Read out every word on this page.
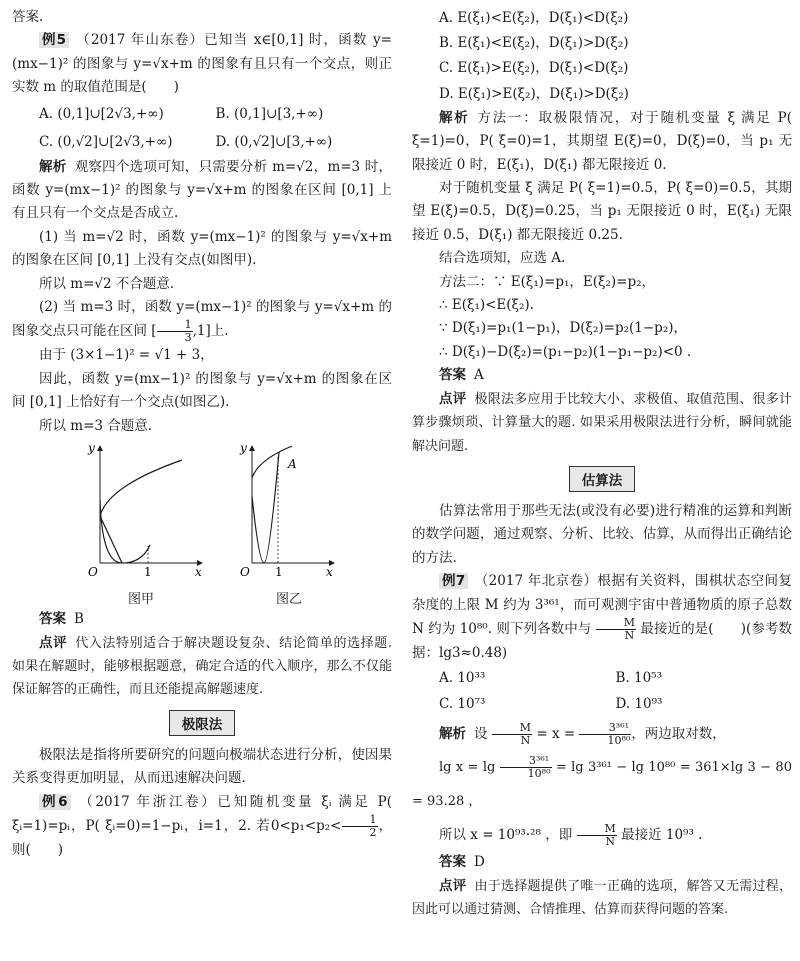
答案.

例5 （2017 年山东卷）已知当 x∈[0,1] 时，函数 y=(mx−1)² 的图象与 y=√x+m 的图象有且只有一个交点，则正实数 m 的取值范围是(　　)

A. (0,1]∪[2√3,+∞)	B. (0,1]∪[3,+∞)
C. (0,√2]∪[2√3,+∞)	D. (0,√2]∪[3,+∞)

解析 观察四个选项可知，只需要分析 m=√2，m=3 时，函数 y=(mx−1)² 的图象与 y=√x+m 的图象在区间 [0,1] 上有且只有一个交点是否成立.

(1) 当 m=√2 时，函数 y=(mx−1)² 的图象与 y=√x+m 的图象在区间 [0,1] 上没有交点(如图甲).

所以 m=√2 不合题意.

(2) 当 m=3 时，函数 y=(mx−1)² 的图象与 y=√x+m 的图象交点只可能在区间 [ $\frac{1}{3} ,1$]上.

由于 (3×1−1)² = √1 + 3，

因此，函数 y=(mx−1)² 的图象与 y=√x+m 的图象在区间 [0,1] 上恰好有一个交点(如图乙).

所以 m=3 合题意.

y
O	1	x
图甲
y
A
O 1	x
图乙

答案 B

点评 代入法特别适合于解决题设复杂、结论简单的选择题. 如果在解题时，能够根据题意，确定合适的代入顺序，那么不仅能保证解答的正确性，而且还能提高解题速度.

极限法

极限法是指将所要研究的问题向极端状态进行分析，使因果关系变得更加明显，从而迅速解决问题.

例6 （2017 年浙江卷）已知随机变量 ξᵢ 满足 P( ξᵢ=1)=pᵢ，P( ξᵢ=0)=1−pᵢ，i=1，2. 若$0<p_1<p_2< \frac{1}{2}$ ，则(　　)

A. E(ξ₁)<E(ξ₂)，D(ξ₁)<D(ξ₂)
B. E(ξ₁)<E(ξ₂)，D(ξ₁)>D(ξ₂)
C. E(ξ₁)>E(ξ₂)，D(ξ₁)<D(ξ₂)
D. E(ξ₁)>E(ξ₂)，D(ξ₁)>D(ξ₂)

解析 方法一：取极限情况，对于随机变量 ξ 满足 P( ξ=1)=0，P( ξ=0)=1，其期望 E(ξ)=0，D(ξ)=0，当 p₁ 无限接近 0 时，E(ξ₁)，D(ξ₁) 都无限接近 0.

对于随机变量 ξ 满足 P( ξ=1)=0.5，P( ξ=0)=0.5，其期望 E(ξ)=0.5，D(ξ)=0.25，当 p₁ 无限接近 0 时，E(ξ₁) 无限接近 0.5，D(ξ₁) 都无限接近 0.25.

结合选项知，应选 A.

方法二：∵ E(ξ₁)=p₁，E(ξ₂)=p₂，

∴ E(ξ₁)<E(ξ₂).

∵ D(ξ₁)=p₁(1−p₁)，D(ξ₂)=p₂(1−p₂)，

∴ D(ξ₁)−D(ξ₂)=(p₁−p₂)(1−p₁−p₂)<0 .

答案 A

点评 极限法多应用于比较大小、求极值、取值范围、很多计算步骤烦琐、计算量大的题. 如果采用极限法进行分析，瞬间就能解决问题.

估算法

估算法常用于那些无法(或没有必要)进行精准的运算和判断的数学问题，通过观察、分析、比较、估算，从而得出正确结论的方法.

例7 （2017 年北京卷）根据有关资料，围棋状态空间复杂度的上限 M 约为 3³⁶¹，而可观测宇宙中普通物质的原子总数 N 约为 10⁸⁰. 则下列各数中与 $\frac{M}{N}$ 最接近的是(　　)(参考数据：lg3≈0.48)

A. 10³³	B. 10⁵³
C. 10⁷³	D. 10⁹³

解析 设 $\frac{M}{N} = x = \frac{\text{3³⁶¹}}{\text{10⁸⁰}}$ ，两边取对数，

$\lg x = \lg \frac{\text{3³⁶¹}}{\text{10⁸⁰}} = \lg 3^{361} - \lg 10^{80} = 361\times\lg$ 3 − 80 = 93.28 ，

所以 x = 10⁹³·²⁸ ，即 $\frac{M}{N}$ 最接近 10⁹³ .

答案 D

点评 由于选择题提供了唯一正确的选项，解答又无需过程，因此可以通过猜测、合情推理、估算而获得问题的答案.
